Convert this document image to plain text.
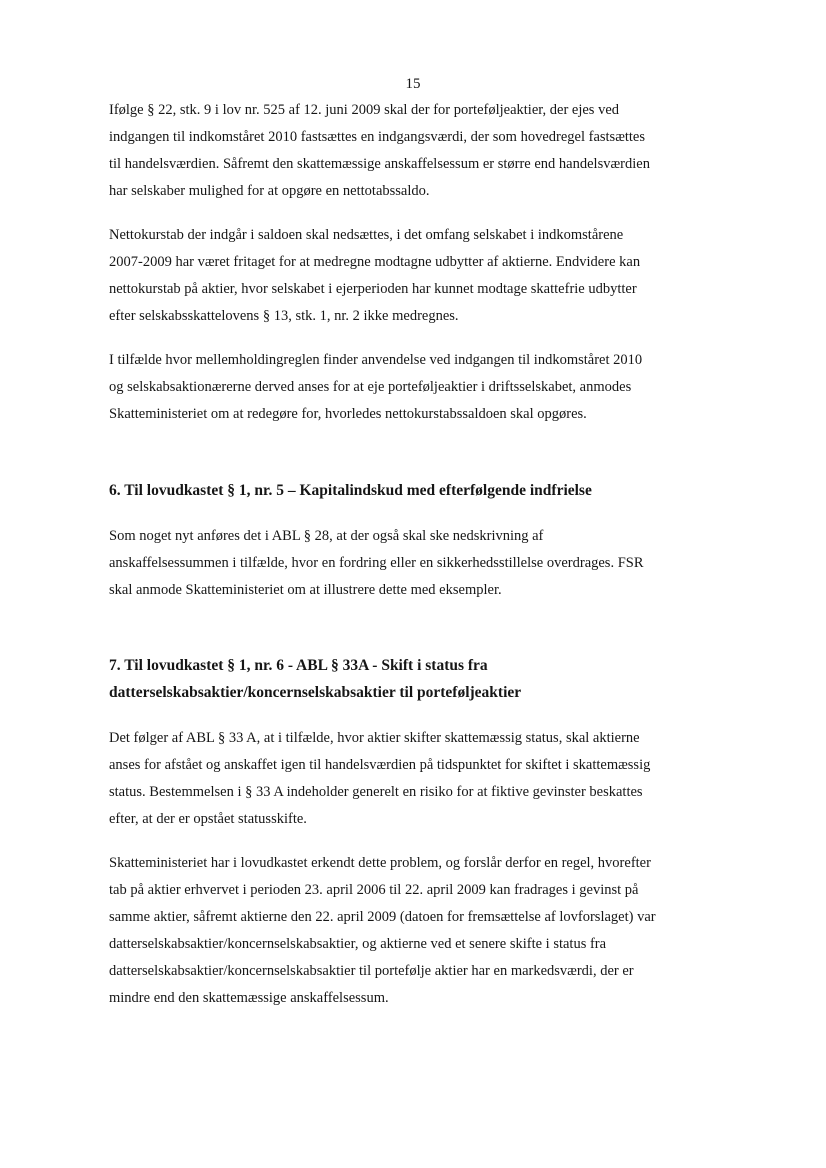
15

Ifølge § 22, stk. 9 i lov nr. 525 af 12. juni 2009 skal der for porteføljeaktier, der ejes ved
indgangen til indkomståret 2010 fastsættes en indgangsværdi, der som hovedregel fastsættes
til handelsværdien. Såfremt den skattemæssige anskaffelsessum er større end handelsværdien
har selskaber mulighed for at opgøre en nettotabssaldo.

Nettokurstab der indgår i saldoen skal nedsættes, i det omfang selskabet i indkomstårene
2007-2009 har været fritaget for at medregne modtagne udbytter af aktierne. Endvidere kan
nettokurstab på aktier, hvor selskabet i ejerperioden har kunnet modtage skattefrie udbytter
efter selskabsskattelovens § 13, stk. 1, nr. 2 ikke medregnes.

I tilfælde hvor mellemholdingreglen finder anvendelse ved indgangen til indkomståret 2010
og selskabsaktionærerne derved anses for at eje porteføljeaktier i driftsselskabet, anmodes
Skatteministeriet om at redegøre for, hvorledes nettokurstabssaldoen skal opgøres.

6. Til lovudkastet § 1, nr. 5 – Kapitalindskud med efterfølgende indfrielse

Som noget nyt anføres det i ABL § 28, at der også skal ske nedskrivning af
anskaffelsessummen i tilfælde, hvor en fordring eller en sikkerhedsstillelse overdrages. FSR
skal anmode Skatteministeriet om at illustrere dette med eksempler.

7. Til lovudkastet § 1, nr. 6 - ABL § 33A - Skift i status fra
datterselskabsaktier/koncernselskabsaktier til porteføljeaktier

Det følger af ABL § 33 A, at i tilfælde, hvor aktier skifter skattemæssig status, skal aktierne
anses for afstået og anskaffet igen til handelsværdien på tidspunktet for skiftet i skattemæssig
status. Bestemmelsen i § 33 A indeholder generelt en risiko for at fiktive gevinster beskattes
efter, at der er opstået statusskifte.

Skatteministeriet har i lovudkastet erkendt dette problem, og forslår derfor en regel, hvorefter
tab på aktier erhvervet i perioden 23. april 2006 til 22. april 2009 kan fradrages i gevinst på
samme aktier, såfremt aktierne den 22. april 2009 (datoen for fremsættelse af lovforslaget) var
datterselskabsaktier/koncernselskabsaktier, og aktierne ved et senere skifte i status fra
datterselskabsaktier/koncernselskabsaktier til portefølje aktier har en markedsværdi, der er
mindre end den skattemæssige anskaffelsessum.
